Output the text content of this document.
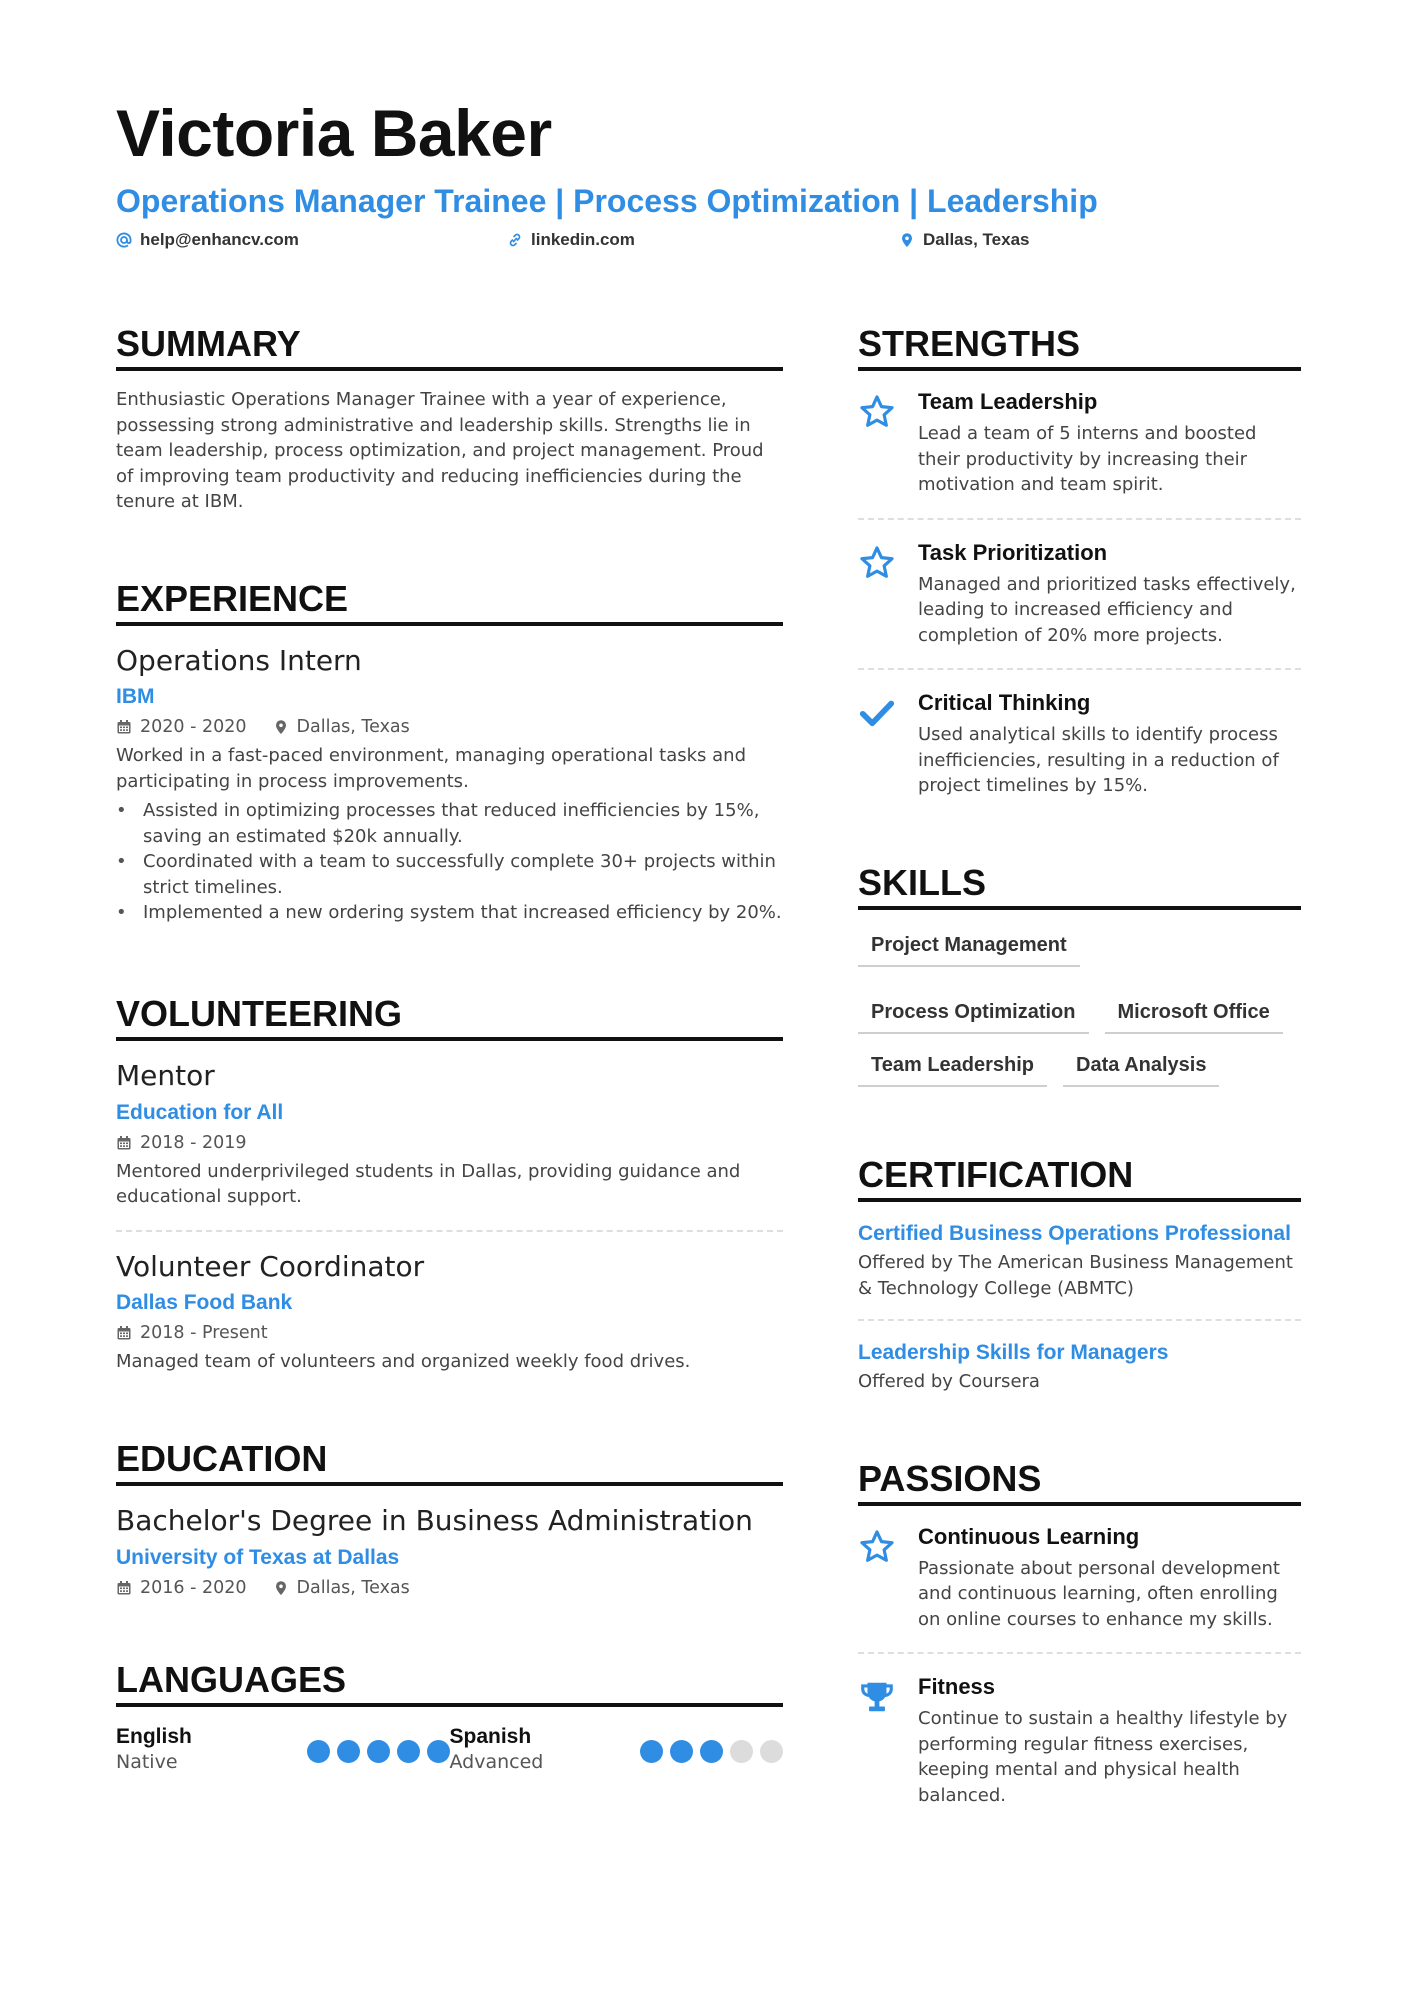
Victoria Baker
Operations Manager Trainee | Process Optimization | Leadership
help@enhancv.com	linkedin.com	Dallas, Texas
SUMMARY
Enthusiastic Operations Manager Trainee with a year of experience, possessing strong administrative and leadership skills. Strengths lie in team leadership, process optimization, and project management. Proud of improving team productivity and reducing inefficiencies during the tenure at IBM.
EXPERIENCE
Operations Intern
IBM
2020 - 2020	Dallas, Texas
Worked in a fast-paced environment, managing operational tasks and participating in process improvements.
• Assisted in optimizing processes that reduced inefficiencies by 15%, saving an estimated $20k annually.
• Coordinated with a team to successfully complete 30+ projects within strict timelines.
• Implemented a new ordering system that increased efficiency by 20%.
VOLUNTEERING
Mentor
Education for All
2018 - 2019
Mentored underprivileged students in Dallas, providing guidance and educational support.
Volunteer Coordinator
Dallas Food Bank
2018 - Present
Managed team of volunteers and organized weekly food drives.
EDUCATION
Bachelor's Degree in Business Administration
University of Texas at Dallas
2016 - 2020	Dallas, Texas
LANGUAGES
English
Native
Spanish
Advanced
STRENGTHS
Team Leadership
Lead a team of 5 interns and boosted their productivity by increasing their motivation and team spirit.
Task Prioritization
Managed and prioritized tasks effectively, leading to increased efficiency and completion of 20% more projects.
Critical Thinking
Used analytical skills to identify process inefficiencies, resulting in a reduction of project timelines by 15%.
SKILLS
Project Management
Process Optimization	Microsoft Office
Team Leadership	Data Analysis
CERTIFICATION
Certified Business Operations Professional
Offered by The American Business Management & Technology College (ABMTC)
Leadership Skills for Managers
Offered by Coursera
PASSIONS
Continuous Learning
Passionate about personal development and continuous learning, often enrolling on online courses to enhance my skills.
Fitness
Continue to sustain a healthy lifestyle by performing regular fitness exercises, keeping mental and physical health balanced.
